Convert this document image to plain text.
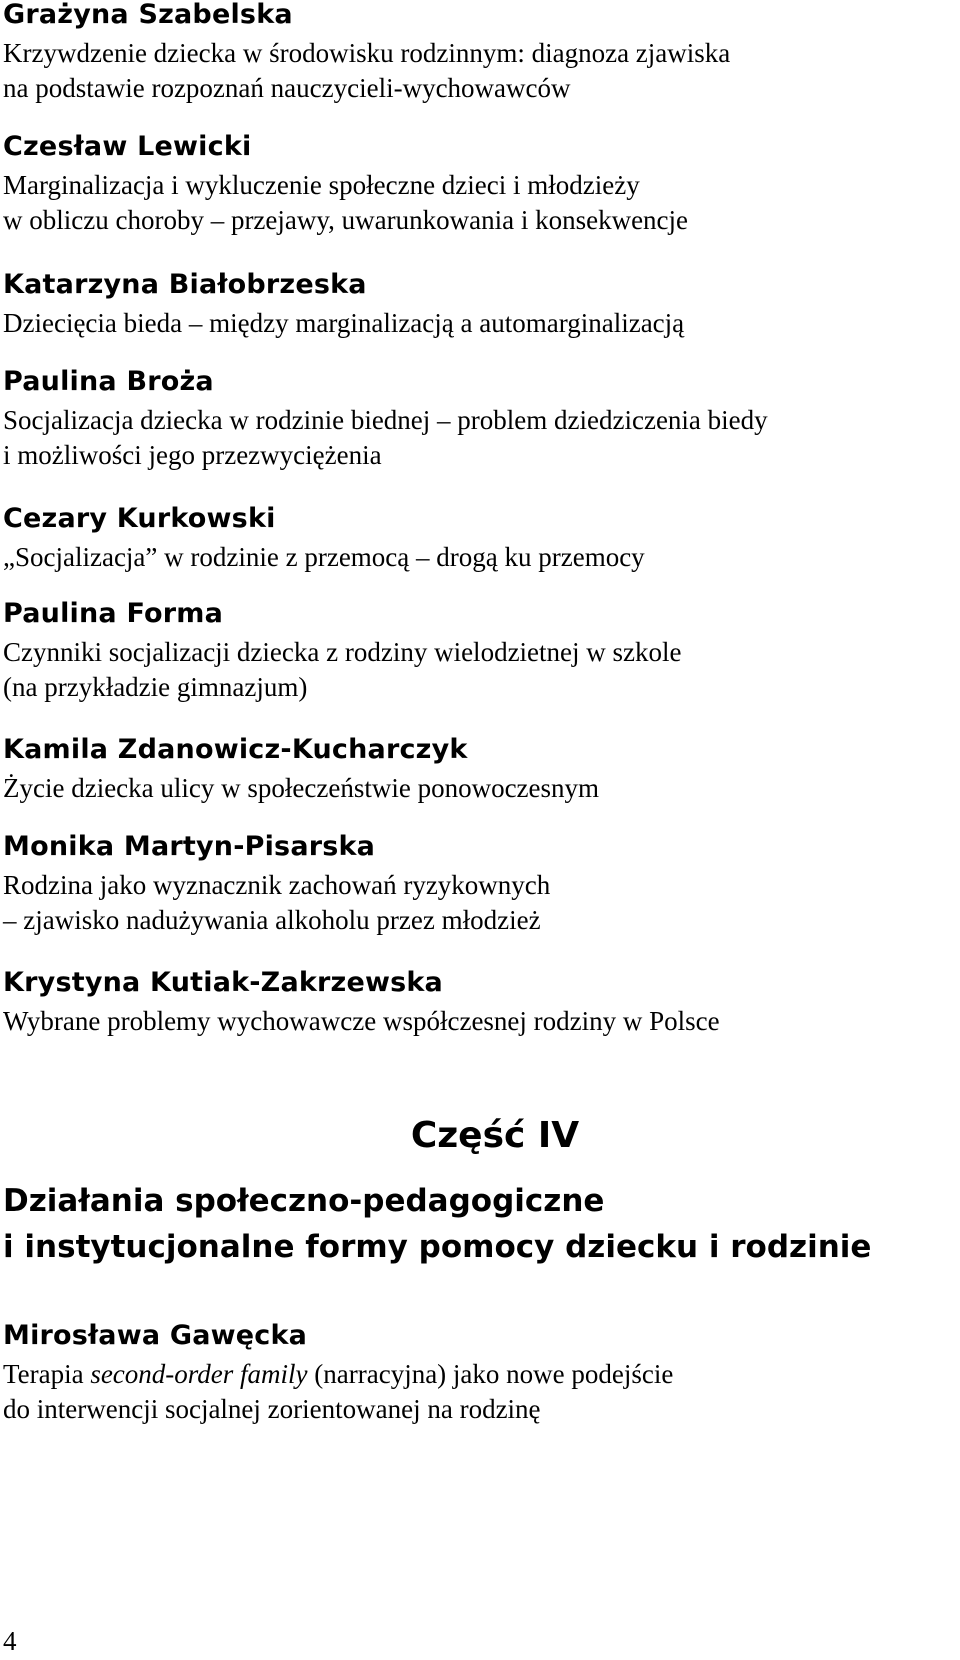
Grażyna Szabelska
Krzywdzenie dziecka w środowisku rodzinnym: diagnoza zjawiska
na podstawie rozpoznań nauczycieli-wychowawców
Czesław Lewicki
Marginalizacja i wykluczenie społeczne dzieci i młodzieży
w obliczu choroby – przejawy, uwarunkowania i konsekwencje
Katarzyna Białobrzeska
Dziecięcia bieda – między marginalizacją a automarginalizacją
Paulina Broża
Socjalizacja dziecka w rodzinie biednej – problem dziedziczenia biedy
i możliwości jego przezwyciężenia
Cezary Kurkowski
„Socjalizacja” w rodzinie z przemocą – drogą ku przemocy
Paulina Forma
Czynniki socjalizacji dziecka z rodziny wielodzietnej w szkole
(na przykładzie gimnazjum)
Kamila Zdanowicz-Kucharczyk
Życie dziecka ulicy w społeczeństwie ponowoczesnym
Monika Martyn-Pisarska
Rodzina jako wyznacznik zachowań ryzykownych
– zjawisko nadużywania alkoholu przez młodzież
Krystyna Kutiak-Zakrzewska
Wybrane problemy wychowawcze współczesnej rodziny w Polsce
Część IV
Działania społeczno-pedagogiczne
i instytucjonalne formy pomocy dziecku i rodzinie
Mirosława Gawęcka
Terapia second-order family (narracyjna) jako nowe podejście
do interwencji socjalnej zorientowanej na rodzinę
4
